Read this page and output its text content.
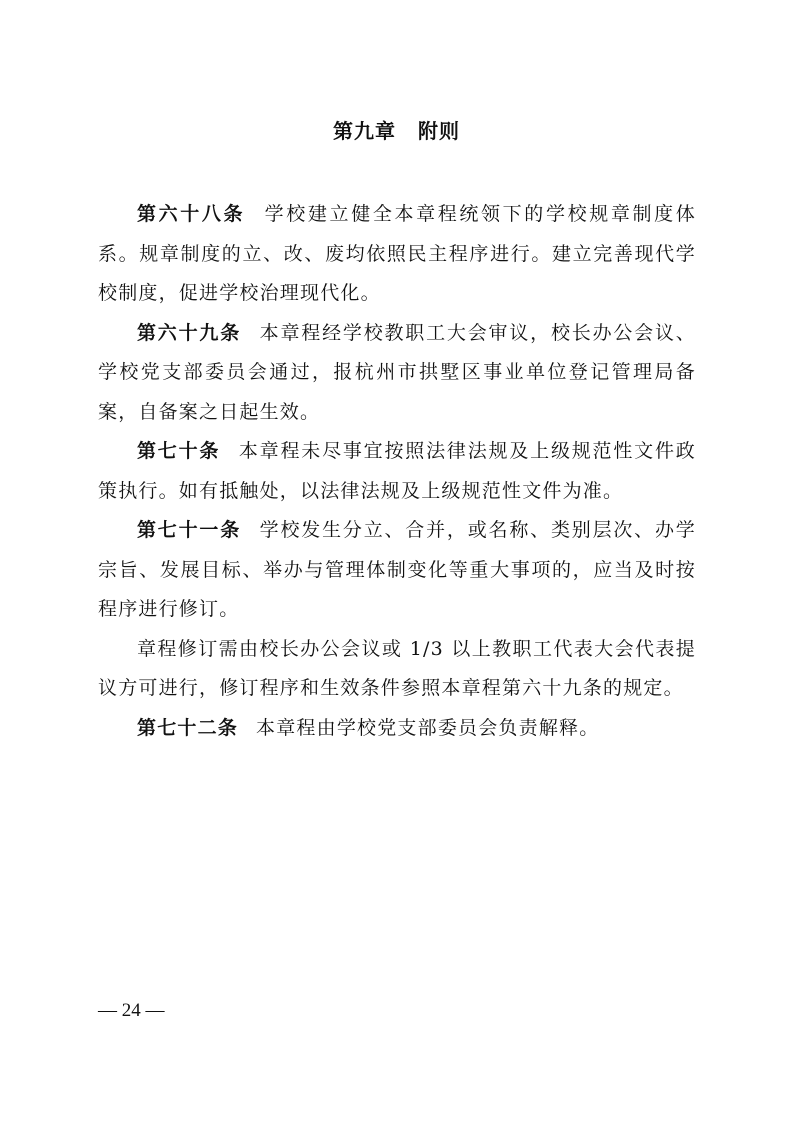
第九章 附则

第六十八条 学校建立健全本章程统领下的学校规章制度体系。规章制度的立、改、废均依照民主程序进行。建立完善现代学校制度，促进学校治理现代化。

第六十九条 本章程经学校教职工大会审议，校长办公会议、学校党支部委员会通过，报杭州市拱墅区事业单位登记管理局备案，自备案之日起生效。

第七十条 本章程未尽事宜按照法律法规及上级规范性文件政策执行。如有抵触处，以法律法规及上级规范性文件为准。

第七十一条 学校发生分立、合并，或名称、类别层次、办学宗旨、发展目标、举办与管理体制变化等重大事项的，应当及时按程序进行修订。

章程修订需由校长办公会议或 1/3 以上教职工代表大会代表提议方可进行，修订程序和生效条件参照本章程第六十九条的规定。

第七十二条 本章程由学校党支部委员会负责解释。

— 24 —
